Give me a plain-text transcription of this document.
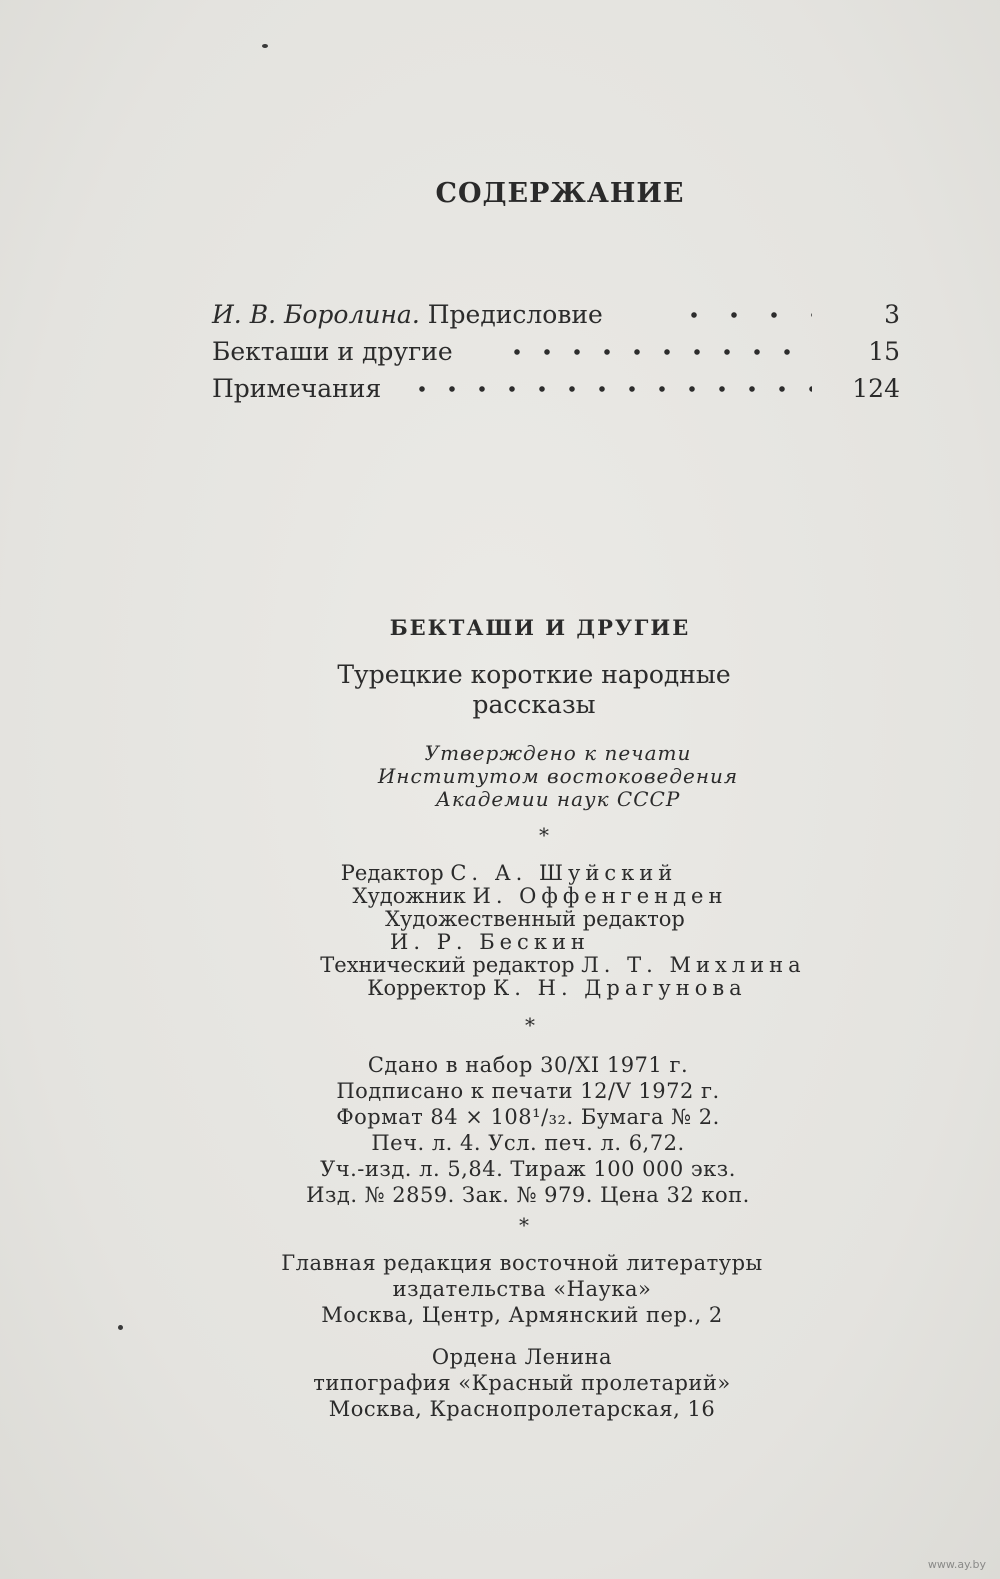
СОДЕРЖАНИЕ
И. В. Боролина. Предисловие	3
Бекташи и другие	15
Примечания	124
БЕКТАШИ И ДРУГИЕ
Турецкие короткие народные
рассказы
Утверждено к печати
Институтом востоковедения
Академии наук СССР
*
Редактор С. А. Шуйский
Художник И. Оффенгенден
Художественный редактор
И. Р. Бескин
Технический редактор Л. Т. Михлина
Корректор К. Н. Драгунова
*
Сдано в набор 30/XI 1971 г.
Подписано к печати 12/V 1972 г.
Формат 84 × 108¹/₃₂. Бумага № 2.
Печ. л. 4. Усл. печ. л. 6,72.
Уч.-изд. л. 5,84. Тираж 100 000 экз.
Изд. № 2859. Зак. № 979. Цена 32 коп.
*
Главная редакция восточной литературы
издательства «Наука»
Москва, Центр, Армянский пер., 2
Ордена Ленина
типография «Красный пролетарий»
Москва, Краснопролетарская, 16
www.ay.by
